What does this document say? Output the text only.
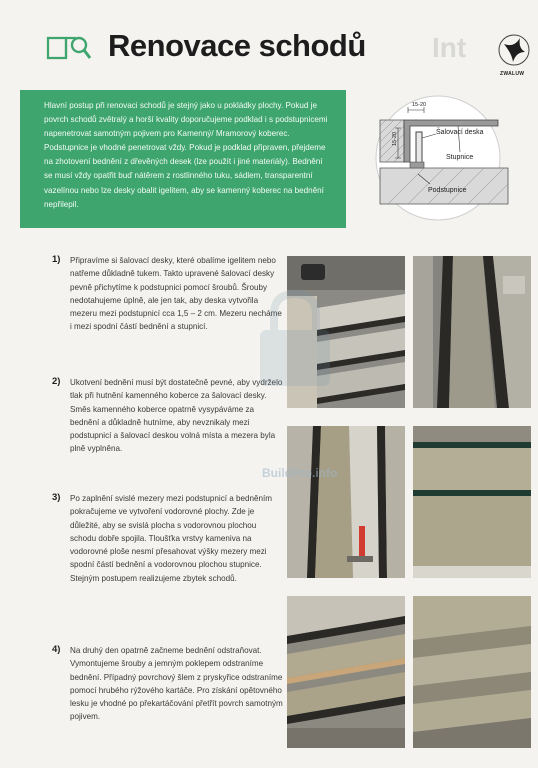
Renovace schodů Int
ZWALUW

Hlavní postup při renovaci schodů je stejný jako u pokládky plochy. Pokud je povrch schodů zvětralý a horší kvality doporučujeme podklad i s podstupnicemi napenetrovat samotným pojivem pro Kamenný/ Mramorový koberec. Podstupnice je vhodné penetrovat vždy. Pokud je podklad připraven, přejdeme na zhotovení bednění z dřevěných desek (lze použít i jiné materiály). Bednění se musí vždy opatřit buď nátěrem z rostlinného tuku, sádlem, transparentní vazelínou nebo lze desky obalit igelitem, aby se kamenný koberec na bednění nepřilepil.

15-20
15-20	Šalovací deska
Stupnice
Podstupnice
1) Připravíme si šalovací desky, které obalíme igelitem nebo natřeme důkladně tukem. Takto upravené šalovací desky pevně přichytíme k podstupnici pomocí šroubů. Šrouby nedotahujeme úplně, ale jen tak, aby deska vytvořila mezeru mezi podstupnicí cca 1,5 – 2 cm. Mezeru necháme i mezi spodní částí bednění a stupnicí.

2) Ukotvení bednění musí být dostatečně pevné, aby vydrželo tlak při hutnění kamenného koberce za šalovací desky. Směs kamenného koberce opatrně vysypáváme za bednění a důkladně hutníme, aby nevznikaly mezi podstupnicí a šalovací deskou volná místa a mezera byla plně vyplněna.

3) Po zaplnění svislé mezery mezi podstupnicí a bedněním pokračujeme ve vytvoření vodorovné plochy. Zde je důležité, aby se svislá plocha s vodorovnou plochou schodu dobře spojila. Tloušťka vrstvy kameniva na vodorovné ploše nesmí přesahovat výšky mezery mezi spodní částí bednění a vodorovnou plochou stupnice. Stejným postupem realizujeme zbytek schodů.

4) Na druhý den opatrně začneme bednění odstraňovat. Vymontujeme šrouby a jemným poklepem odstraníme bednění. Případný povrchový šlem z pryskyřice odstraníme pomocí hrubého rýžového kartáče. Pro získání opětovného lesku je vhodné po překartáčování přetřít povrch samotným pojivem.

BuildPro.info
